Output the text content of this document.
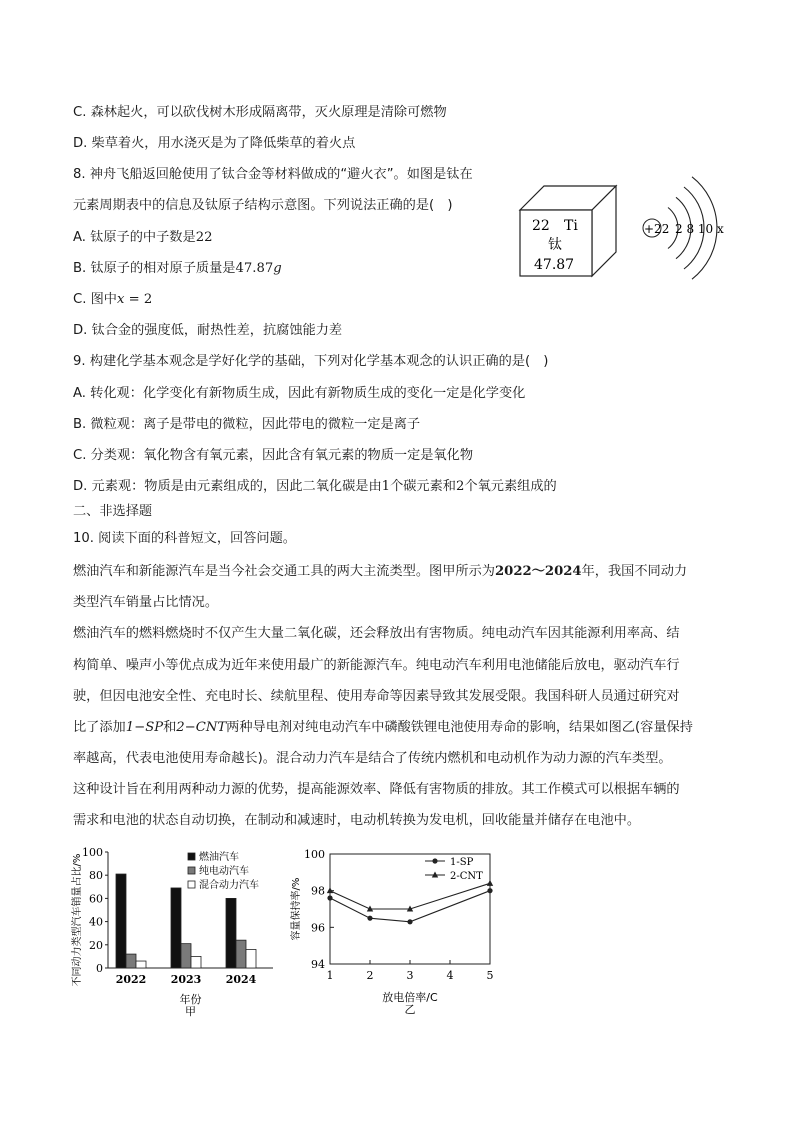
C. 森林起火，可以砍伐树木形成隔离带，灭火原理是清除可燃物
D. 柴草着火，用水浇灭是为了降低柴草的着火点
8. 神舟飞船返回舱使用了钛合金等材料做成的“避火衣”。如图是钛在
元素周期表中的信息及钛原子结构示意图。下列说法正确的是(　)
A. 钛原子的中子数是22
B. 钛原子的相对原子质量是47.87g
C. 图中x = 2
D. 钛合金的强度低，耐热性差，抗腐蚀能力差
9. 构建化学基本观念是学好化学的基础，下列对化学基本观念的认识正确的是(　)
A. 转化观：化学变化有新物质生成，因此有新物质生成的变化一定是化学变化
B. 微粒观：离子是带电的微粒，因此带电的微粒一定是离子
C. 分类观：氧化物含有氧元素，因此含有氧元素的物质一定是氧化物
D. 元素观：物质是由元素组成的，因此二氧化碳是由1个碳元素和2个氧元素组成的
二、非选择题
10. 阅读下面的科普短文，回答问题。
燃油汽车和新能源汽车是当今社会交通工具的两大主流类型。图甲所示为2022～2024年，我国不同动力
类型汽车销量占比情况。
燃油汽车的燃料燃烧时不仅产生大量二氧化碳，还会释放出有害物质。纯电动汽车因其能源利用率高、结
构简单、噪声小等优点成为近年来使用最广的新能源汽车。纯电动汽车利用电池储能后放电，驱动汽车行
驶，但因电池安全性、充电时长、续航里程、使用寿命等因素导致其发展受限。我国科研人员通过研究对
比了添加1−SP和2−CNT两种导电剂对纯电动汽车中磷酸铁锂电池使用寿命的影响，结果如图乙(容量保持
率越高，代表电池使用寿命越长)。混合动力汽车是结合了传统内燃机和电动机作为动力源的汽车类型。
这种设计旨在利用两种动力源的优势，提高能源效率、降低有害物质的排放。其工作模式可以根据车辆的
需求和电池的状态自动切换，在制动和减速时，电动机转换为发电机，回收能量并储存在电池中。
22 Ti
钛
47.87
+22 2 8 10 x
0
20
40
60
80
100
2022 2023 2024
年份
甲
不同动力类型汽车销量占比/%	燃油汽车
纯电动汽车
混合动力汽车
94
96
98
100
1	2	3	4	5
1-SP
2-CNT
放电倍率/C
乙
容量保持率/%
